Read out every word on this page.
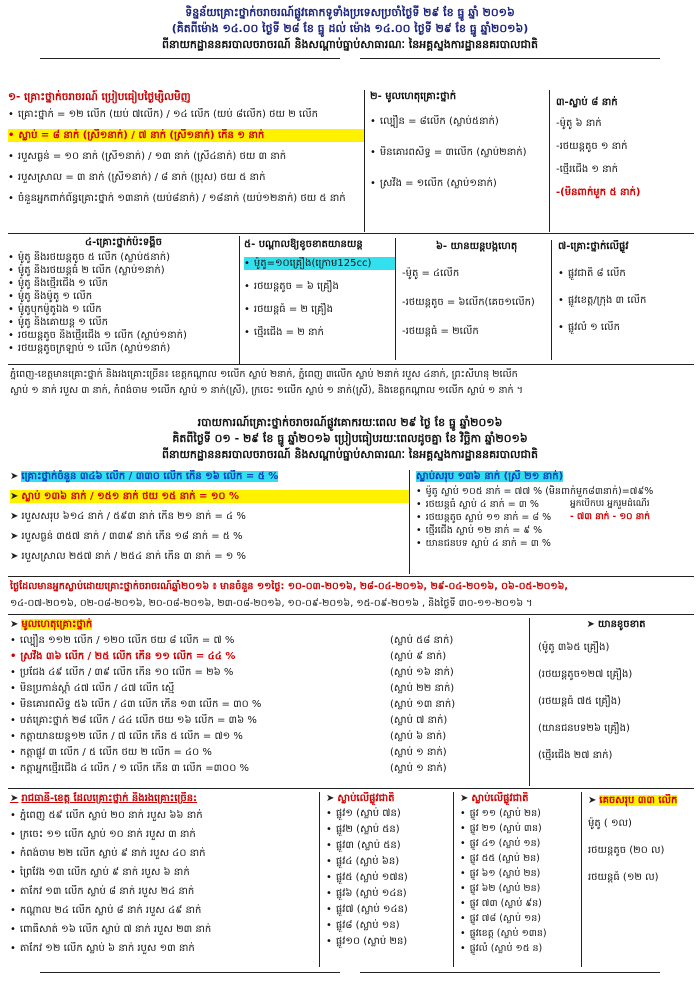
ទិន្នន័យគ្រោះថ្នាក់ចរាចរណ៍ផ្លូវគោកទូទាំងប្រទេសប្រចាំថ្ងៃទី ២៩ ខែ ធ្នូ ឆ្នាំ ២០១៦
(គិតពីម៉ោង ១៤.០០ ថ្ងៃទី ២៨ ខែ ធ្នូ ដល់ ម៉ោង ១៤.០០ ថ្ងៃទី ២៩ ខែ ធ្នូ ឆ្នាំ២០១៦)
ពីនាយកដ្ឋាននគរបាលចរាចរណ៍ និងសណ្តាប់ធ្នាប់សាធារណៈ នៃអគ្គស្នងការដ្ឋាននគរបាលជាតិ
១- គ្រោះថ្នាក់ចរាចរណ៍ ប្រៀបធៀបថ្ងៃម្សិលមិញ
• គ្រោះថ្នាក់ = ១២ លើក (យប់ ៧លើក) / ១៤ លើក (យប់ ៨លើក) ថយ ២ លើក
• ស្លាប់ = ៨ នាក់ (ស្រី១នាក់) / ៧ នាក់ (ស្រី១នាក់) កើន ១ នាក់
• របួសធ្ងន់ = ១០ នាក់ (ស្រី១នាក់) / ១៣ នាក់ (ស្រី៤នាក់) ថយ ៣ នាក់
• របួសស្រាល = ៣ នាក់ (ស្រី១នាក់) / ៨ នាក់ (ប្រុស) ថយ ៥ នាក់
• ចំនួនអ្នកពាក់ព័ន្ធគ្រោះថ្នាក់ ១៣នាក់ (យប់៨នាក់) / ១៨នាក់ (យប់១២នាក់) ថយ ៥ នាក់
២- មូលហេតុគ្រោះថ្នាក់
• ល្បឿន = ៨លើក (ស្លាប់៥នាក់)
• មិនគោរពសិទ្ធ = ៣លើក (ស្លាប់២នាក់)
• ស្រវឹង = ១លើក (ស្លាប់១នាក់)
៣-ស្លាប់ ៨ នាក់
-ម៉ូតូ ៦ នាក់
-រថយន្តតូច ១ នាក់
-ថ្មើរជើង ១ នាក់
-(មិនពាក់មួក ៥ នាក់)
៤-គ្រោះថ្នាក់ប៉ះទង្គិច
• ម៉ូតូ និងរថយន្តតូច ៥ លើក (ស្លាប់៥នាក់)
• ម៉ូតូ និងរថយន្តធំ ២ លើក (ស្លាប់១នាក់)
• ម៉ូតូ និងថ្មើរជើង ១ លើក
• ម៉ូតូ និងម៉ូតូ ១ លើក
• ម៉ូតូបុកម៉ូតូឯង ១ លើក
• ម៉ូតូ និងគោយន្ត ១ លើក
• រថយន្តតូច និងថ្មើរជើង ១ លើក (ស្លាប់១នាក់)
• រថយន្តតូចក្រឡាប់ ១ លើក (ស្លាប់១នាក់)
៥- បណ្តាលឱ្យខូចខាតយានយន្ត
• ម៉ូតូ=១០គ្រឿង(ក្រោម125cc)
• រថយន្តតូច = ៦ គ្រឿង
• រថយន្តធំ = ២ គ្រឿង
• ថ្មើរជើង = ២ នាក់
៦- យានយន្តបង្កហេតុ
-ម៉ូតូ = ៤លើក
-រថយន្តតូច = ៦លើក(គេច១លើក)
-រថយន្តធំ = ២លើក
៧-គ្រោះថ្នាក់លើផ្លូវ
• ផ្លូវជាតិ ៨ លើក
• ផ្លូវខេត្ត/ក្រុង ៣ លើក
• ផ្លូវលំ ១ លើក
ភ្នំពេញ-ខេត្តមានគ្រោះថ្នាក់ និងរងគ្រោះច្រើន៖ ខេត្តកណ្តាល ១លើក ស្លាប់ ២នាក់, ភ្នំពេញ ៣លើក ស្លាប់ ២នាក់ របួស ៤នាក់, ព្រះសីហនុ ២លើក
ស្លាប់ ១ នាក់ របួស ៣ នាក់, កំពង់ចាម ១លើក ស្លាប់ ១ នាក់(ស្រី), ក្រចេះ ១លើក ស្លាប់ ១ នាក់(ស្រី), និងខេត្តកណ្តាល ១លើក ស្លាប់ ១ នាក់ ។
របាយការណ៍គ្រោះថ្នាក់ចរាចរណ៍ផ្លូវគោករយៈពេល ២៩ ថ្ងៃ ខែ ធ្នូ ឆ្នាំ២០១៦
គិតពីថ្ងៃទី ០១ - ២៩ ខែ ធ្នូ ឆ្នាំ២០១៦ ប្រៀបធៀបរយៈពេលដូចគ្នា ខែ វិច្ឆិកា ឆ្នាំ២០១៦
ពីនាយកដ្ឋាននគរបាលចរាចរណ៍ និងសណ្តាប់ធ្នាប់សាធារណៈ នៃអគ្គស្នងការដ្ឋាននគរបាលជាតិ
➤ គ្រោះថ្នាក់ចំនួន ៣៤៦ លើក / ៣៣០ លើក កើន ១៦ លើក = ៥ %
➤ ស្លាប់ ១៣៦ នាក់ / ១៥១ នាក់ ថយ ១៥ នាក់ = ១០ %
➤ របួសសរុប ៦១៤ នាក់ / ៥៩៣ នាក់ កើន ២១ នាក់ = ៤ %
➤ របួសធ្ងន់ ៣៥៧ នាក់ / ៣៣៩ នាក់ កើន ១៨ នាក់ = ៥ %
➤ របួសស្រាល ២៥៧ នាក់ / ២៥៤ នាក់ កើន ៣ នាក់ = ១ %
ស្លាប់សរុប ១៣៦ នាក់ (ស្រី ២១ នាក់)
• ម៉ូតូ ស្លាប់ ១០៥ នាក់ = ៧៧ % (មិនពាក់មួក៨៣នាក់)=៧៩%
• រថយន្តធំ ស្លាប់ ៤ នាក់ = ៣ %
• រថយន្តតូច ស្លាប់ ១១ នាក់ = ៨ %
• ថ្មើរជើង ស្លាប់ ១២ នាក់ = ៩ %
• យានជនបទ ស្លាប់ ៤ នាក់ = ៣ %
អ្នកបើកបរ អ្នករួមដំណើរ
- ៧៣ នាក់ - ១០ នាក់
ថ្ងៃដែលមានអ្នកស្លាប់ដោយគ្រោះថ្នាក់ចរាចរណ៍ឆ្នាំ២០១៦ ៖ មានចំនួន ១១ថ្ងៃ: ១០-០៣-២០១៦, ២៨-០៤-២០១៦, ២៩-០៤-២០១៦, ០៦-០៥-២០១៦,
១៤-០៧-២០១៦, ០២-០៨-២០១៦, ២០-០៨-២០១៦, ២៣-០៨-២០១៦, ១០-០៩-២០១៦, ១៥-០៩-២០១៦ , និងថ្ងៃទី ៣០-១១-២០១៦ ។
➤ មូលហេតុគ្រោះថ្នាក់
• ល្បឿន ១១២ លើក / ១២០ លើក ថយ ៨ លើក = ៧ %	(ស្លាប់ ៥៨ នាក់)
• ស្រវឹង ៣៦ លើក / ២៥ លើក កើន ១១ លើក = ៤៤ %	(ស្លាប់ ៩ នាក់)
• ប្រជែង ៤៩ លើក / ៣៩ លើក កើន ១០ លើក = ២៦ %	(ស្លាប់ ១៦ នាក់)
• មិនប្រកាន់ស្តាំ ៤៧ លើក / ៤៧ លើក ស្មើ	(ស្លាប់ ២២ នាក់)
• មិនគោរពសិទ្ធ ៥៦ លើក / ៤៣ លើក កើន ១៣ លើក = ៣០ %	(ស្លាប់ ១៣ នាក់)
• បត់គ្រោះថ្នាក់ ២៨ លើក / ៤៤ លើក ថយ ១៦ លើក = ៣៦ %	(ស្លាប់ ៧ នាក់)
• កត្តាយានយន្ត១២ លើក / ៧ លើក កើន ៥ លើក = ៧១ %	(ស្លាប់ ៦ នាក់)
• កត្តាផ្លូវ ៣ លើក / ៥ លើក ថយ ២ លើក = ៤០ %	(ស្លាប់ ១ នាក់)
• កត្តាអ្នកថ្មើរជើង ៤ លើក / ១ លើក កើន ៣ លើក =៣០០ %	(ស្លាប់ ១ នាក់)
➤ យានខូចខាត
(ម៉ូតូ ៣៦៥ គ្រឿង)
(រថយន្តតូច១២៧ គ្រឿង)
(រថយន្តធំ ៧៥ គ្រឿង)
(យានជនបទ២៦ គ្រឿង)
(ថ្មើរជើង ២៧ នាក់)
➤ រាជធានី-ខេត្ត ដែលគ្រោះថ្នាក់ និងរងគ្រោះច្រើន:
• ភ្នំពេញ ៥៩ លើក ស្លាប់ ២០ នាក់ របួស ៦៦ នាក់
• ក្រចេះ ១១ លើក ស្លាប់ ១០ នាក់ របួស ៣ នាក់
• កំពង់ចាម ២២ លើក ស្លាប់ ៩ នាក់ របួស ៤០ នាក់
• ព្រៃវែង ១៣ លើក ស្លាប់ ៩ នាក់ របួស ៦ នាក់
• តាកែវ ១៣ លើក ស្លាប់ ៨ នាក់ របួស ២៤ នាក់
• កណ្តាល ២៤ លើក ស្លាប់ ៨ នាក់ របួស ៤៩ នាក់
• ពោធិ៍សាត់ ១៦ លើក ស្លាប់ ៧ នាក់ របួស ២៣ នាក់
• តាកែវ ១២ លើក ស្លាប់ ៦ នាក់ របួស ១៣ នាក់
➤ ស្លាប់លើផ្លូវជាតិ
• ផ្លូវ១ (ស្លាប់ ៧ន)
• ផ្លូវ២ (ស្លាប់ ៥ន)
• ផ្លូវ៣ (ស្លាប់ ៥ន)
• ផ្លូវ៤ (ស្លាប់ ៦ន)
• ផ្លូវ៥ (ស្លាប់ ១៧ន)
• ផ្លូវ៦ (ស្លាប់ ១៤ន)
• ផ្លូវ៧ (ស្លាប់ ១៤ន)
• ផ្លូវ៨ (ស្លាប់ ១ន)
• ផ្លូវ១០ (ស្លាប់ ២ន)
➤ ស្លាប់លើផ្លូវជាតិ
• ផ្លូវ ១១ (ស្លាប់ ២ន)
• ផ្លូវ ២១ (ស្លាប់ ៣ន)
• ផ្លូវ ៤១ (ស្លាប់ ១ន)
• ផ្លូវ ៥៥ (ស្លាប់ ២ន)
• ផ្លូវ ៦១ (ស្លាប់ ២ន)
• ផ្លូវ ៦២ (ស្លាប់ ២ន)
• ផ្លូវ ៧៣ (ស្លាប់ ៩ន)
• ផ្លូវ ៧៨ (ស្លាប់ ១ន)
• ផ្លូវខេត្ត (ស្លាប់ ១៣ន)
• ផ្លូវលំ (ស្លាប់ ១៥ ន)
➤ គេចសរុប ៣៣ លើក
ម៉ូតូ ( ១ល)
រថយន្តតូច (២០ ល)
រថយន្តធំ (១២ ល)
